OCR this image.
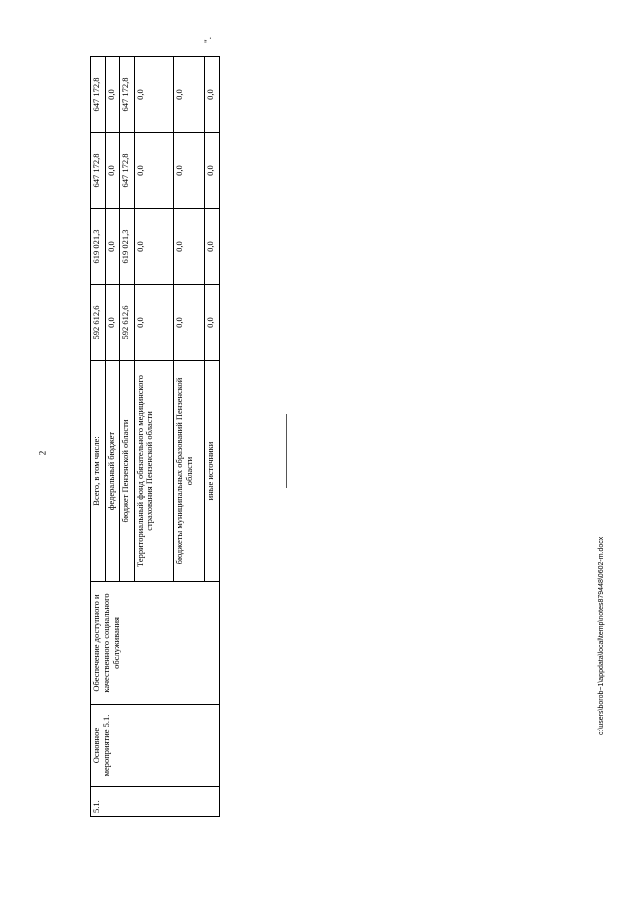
2
".
c:\users\borob~1\appdata\local\temp\notes879448\0602-m.docx
5.1.	Основное мероприятие 5.1.	Обеспечение доступного и качественного социального обслуживания	Всего, в том числе:	592 612,6	619 021,3	647 172,8	647 172,8
			федеральный бюджет	0,0	0,0	0,0	0,0
			бюджет Пензенской области	592 612,6	619 021,3	647 172,8	647 172,8
			Территориальный фонд обязательного медицинского страхования Пензенской области	0,0	0,0	0,0	0,0
			бюджеты муниципальных образований Пензенской области	0,0	0,0	0,0	0,0
			иные источники	0,0	0,0	0,0	0,0
